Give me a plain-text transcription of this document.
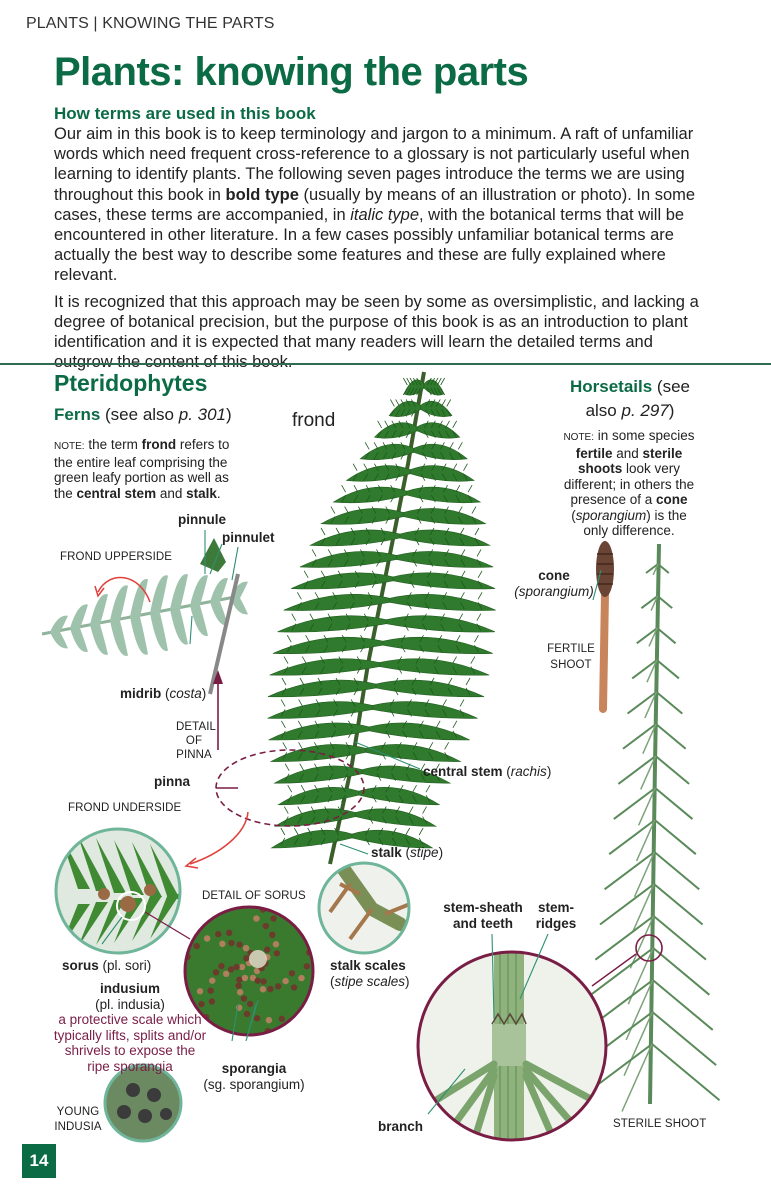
PLANTS | KNOWING THE PARTS
Plants: knowing the parts
How terms are used in this book

Our aim in this book is to keep terminology and jargon to a minimum. A raft of unfamiliar words which need frequent cross-reference to a glossary is not particularly useful when learning to identify plants. The following seven pages introduce the terms we are using throughout this book in bold type (usually by means of an illustration or photo). In some cases, these terms are accompanied, in italic type, with the botanical terms that will be encountered in other literature. In a few cases possibly unfamiliar botanical terms are actually the best way to describe some features and these are fully explained where relevant.

It is recognized that this approach may be seen by some as oversimplistic, and lacking a degree of botanical precision, but the purpose of this book is as an introduction to plant identification and it is expected that many readers will learn the detailed terms and

Pteridophytes
Ferns (see also p. 301)
NOTE: the term frond refers to the entire leaf comprising the green leafy portion as well as the central stem and stalk.
frond
pinnule
pinnulet
FROND UPPERSIDE
midrib (costa)
DETAIL
OF
PINNA
pinna
central stem (rachis)
FROND UNDERSIDE
stalk (stipe)
DETAIL OF SORUS
stalk scales
(stipe scales)
sorus (pl. sori)
indusium
(pl. indusia)
a protective scale which typically lifts, splits and/or shrivels to expose the ripe sporangia	sporangia
(sg. sporangium)
YOUNG
INDUSIA
Horsetails (see
also p. 297)
NOTE: in some species fertile and sterile shoots look very different; in others the presence of a cone (sporangium) is the only difference.
cone
(sporangium)
FERTILE
SHOOT
stem-sheath
and teeth
stem-
ridges
branch	STERILE SHOOT
14
